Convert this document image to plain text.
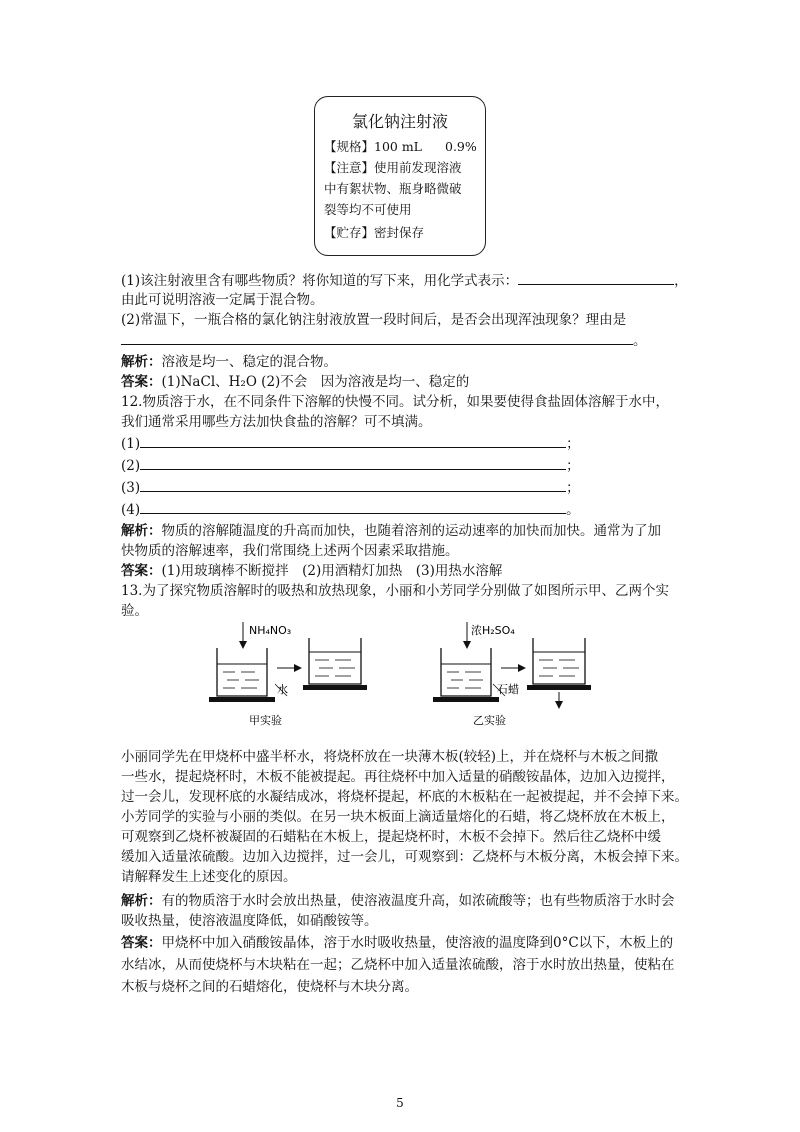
氯化钠注射液
【规格】100 mL 0.9%
【注意】使用前发现溶液
中有絮状物、瓶身略微破
裂等均不可使用
【贮存】密封保存
(1)该注射液里含有哪些物质？将你知道的写下来，用化学式表示：	，
由此可说明溶液一定属于混合物。
(2)常温下，一瓶合格的氯化钠注射液放置一段时间后，是否会出现浑浊现象？理由是
。
解析：溶液是均一、稳定的混合物。
答案：(1)NaCl、H₂O (2)不会　因为溶液是均一、稳定的
12.物质溶于水，在不同条件下溶解的快慢不同。试分析，如果要使得食盐固体溶解于水中，
我们通常采用哪些方法加快食盐的溶解？可不填满。
(1)	；
(2)	；
(3)	；
(4)	。
解析：物质的溶解随温度的升高而加快，也随着溶剂的运动速率的加快而加快。通常为了加
快物质的溶解速率，我们常围绕上述两个因素采取措施。
答案：(1)用玻璃棒不断搅拌　(2)用酒精灯加热　(3)用热水溶解
13.为了探究物质溶解时的吸热和放热现象，小丽和小芳同学分别做了如图所示甲、乙两个实
验。
NH₄NO₃
水
甲实验
浓H₂SO₄
石蜡
乙实验
小丽同学先在甲烧杯中盛半杯水，将烧杯放在一块薄木板(较轻)上，并在烧杯与木板之间撒
一些水，提起烧杯时，木板不能被提起。再往烧杯中加入适量的硝酸铵晶体，边加入边搅拌，
过一会儿，发现杯底的水凝结成冰，将烧杯提起，杯底的木板粘在一起被提起，并不会掉下来。
小芳同学的实验与小丽的类似。在另一块木板面上滴适量熔化的石蜡，将乙烧杯放在木板上，
可观察到乙烧杯被凝固的石蜡粘在木板上，提起烧杯时，木板不会掉下。然后往乙烧杯中缓
缓加入适量浓硫酸。边加入边搅拌，过一会儿，可观察到：乙烧杯与木板分离，木板会掉下来。
请解释发生上述变化的原因。
解析：有的物质溶于水时会放出热量，使溶液温度升高，如浓硫酸等；也有些物质溶于水时会
吸收热量，使溶液温度降低，如硝酸铵等。
答案：甲烧杯中加入硝酸铵晶体，溶于水时吸收热量，使溶液的温度降到0°C以下，木板上的
水结冰，从而使烧杯与木块粘在一起；乙烧杯中加入适量浓硫酸，溶于水时放出热量，使粘在
木板与烧杯之间的石蜡熔化，使烧杯与木块分离。
5
